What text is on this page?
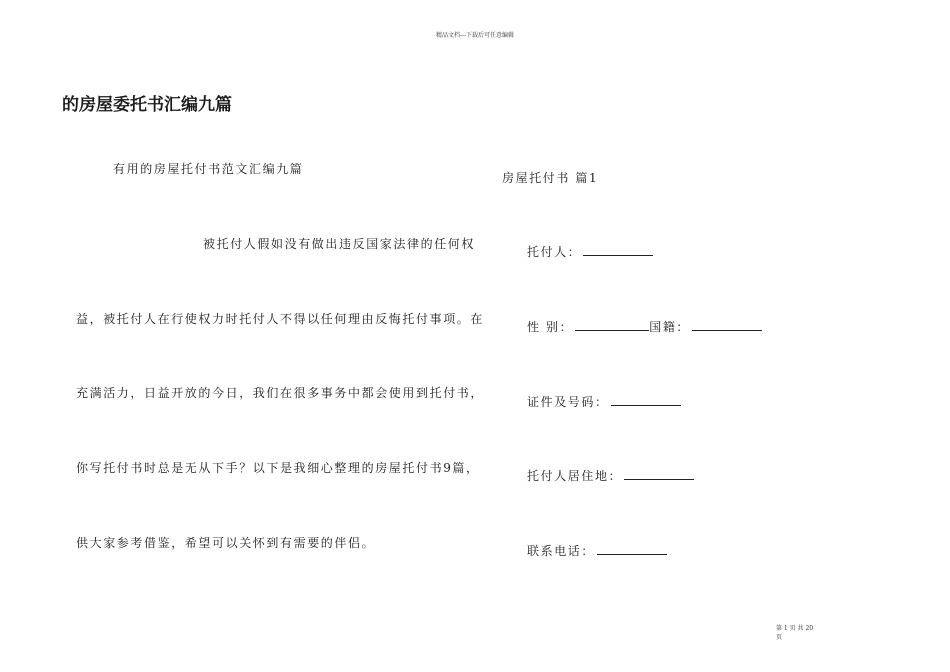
精品文档---下载后可任意编辑
的房屋委托书汇编九篇
有用的房屋托付书范文汇编九篇
被托付人假如没有做出违反国家法律的任何权
益，被托付人在行使权力时托付人不得以任何理由反悔托付事项。在
充满活力，日益开放的今日，我们在很多事务中都会使用到托付书，
你写托付书时总是无从下手？以下是我细心整理的房屋托付书9篇，
供大家参考借鉴，希望可以关怀到有需要的伴侣。
房屋托付书 篇1
托付人：
性 别：	国籍：
证件及号码：
托付人居住地：
联系电话：
第 1 页 共 20
页
